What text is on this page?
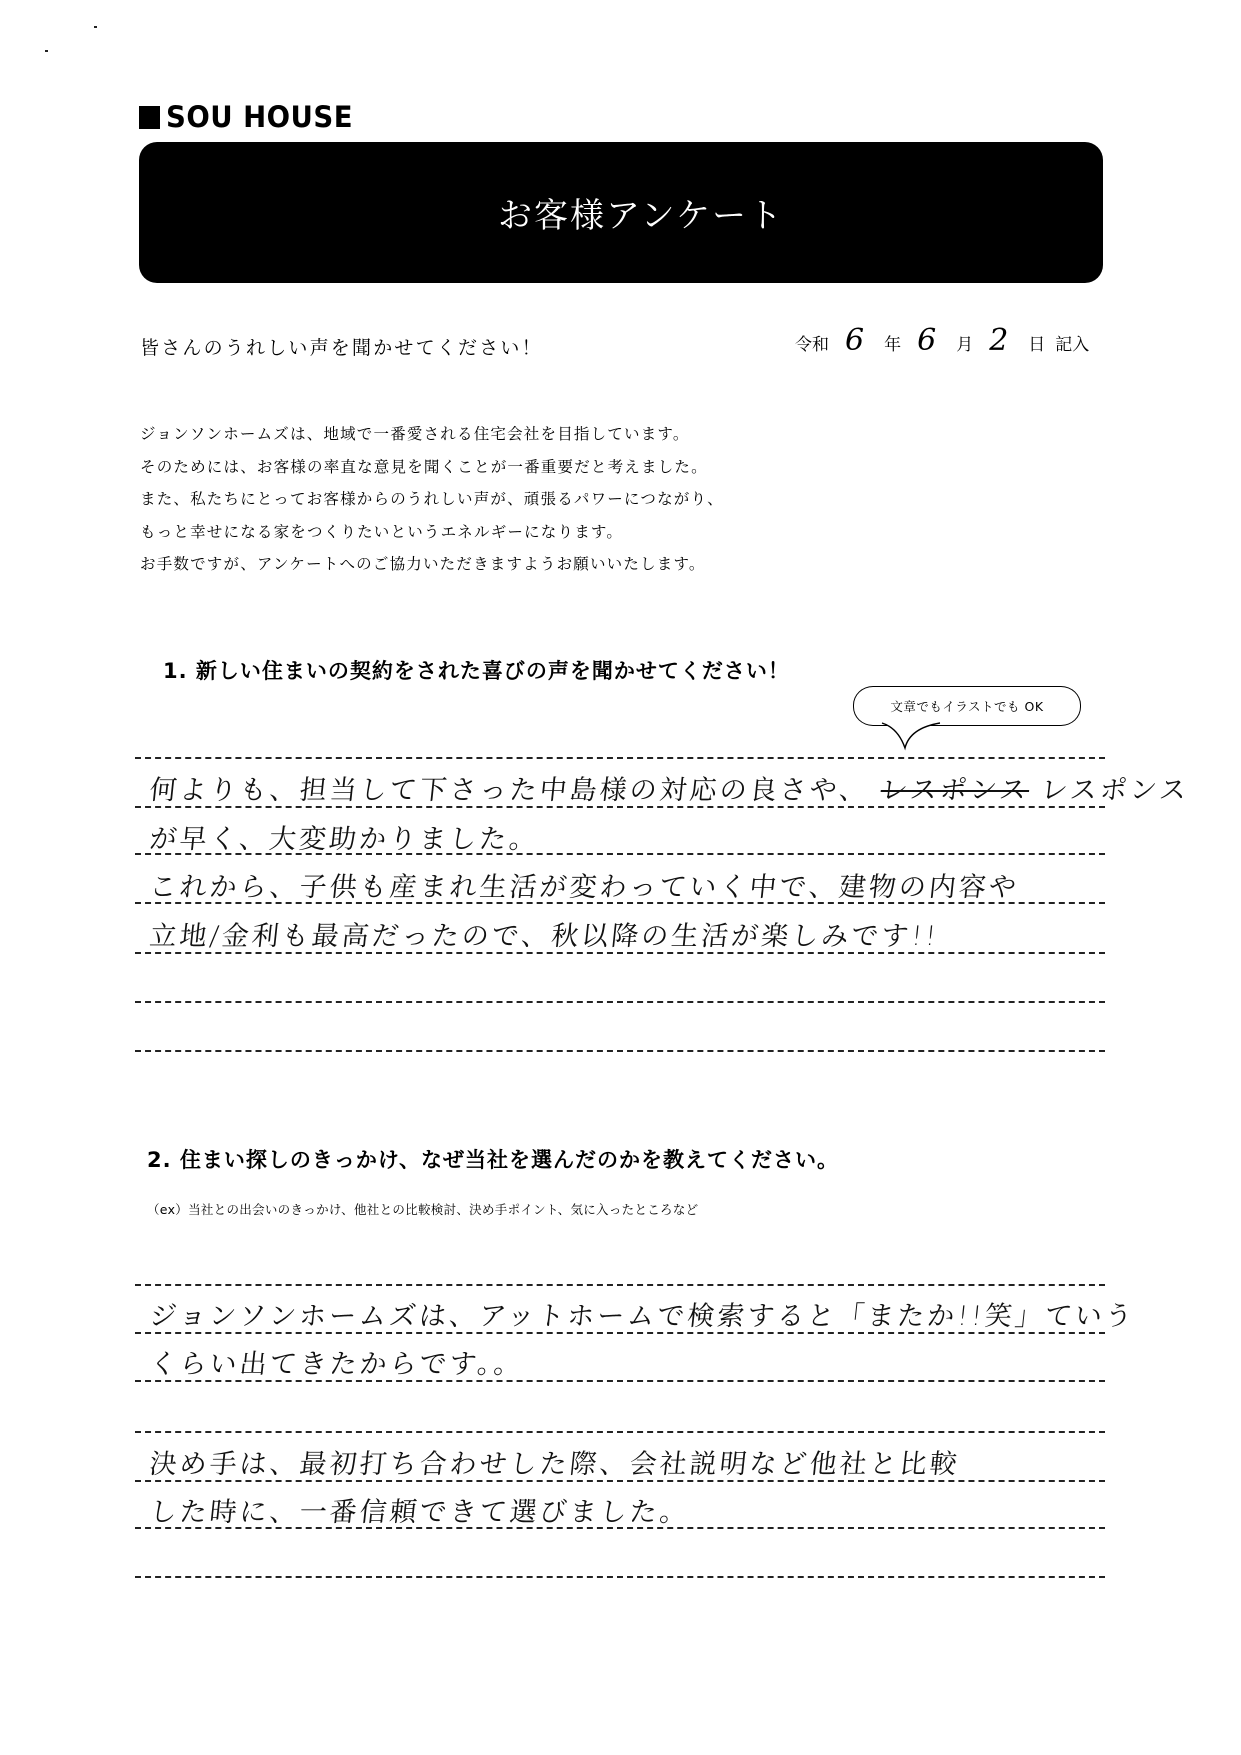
SOU HOUSE
お客様アンケート
皆さんのうれしい声を聞かせてください！	令和 6 年 6 月 2 日 記入

ジョンソンホームズは、地域で一番愛される住宅会社を目指しています。

そのためには、お客様の率直な意見を聞くことが一番重要だと考えました。

また、私たちにとってお客様からのうれしい声が、頑張るパワーにつながり、

もっと幸せになる家をつくりたいというエネルギーになります。

お手数ですが、アンケートへのご協力いただきますようお願いいたします。

1. 新しい住まいの契約をされた喜びの声を聞かせてください！
文章でもイラストでも OK
何よりも、担当して下さった中島様の対応の良さや、 レスポンス レスポンス
が早く、大変助かりました。
これから、子供も産まれ生活が変わっていく中で、建物の内容や
立地/金利も最高だったので、秋以降の生活が楽しみです!!
2. 住まい探しのきっかけ、なぜ当社を選んだのかを教えてください。
（ex）当社との出会いのきっかけ、他社との比較検討、決め手ポイント、気に入ったところなど
ジョンソンホームズは、アットホームで検索すると「またか!!笑」ていう
くらい出てきたからです。。
決め手は、最初打ち合わせした際、会社説明など他社と比較
した時に、一番信頼できて選びました。
